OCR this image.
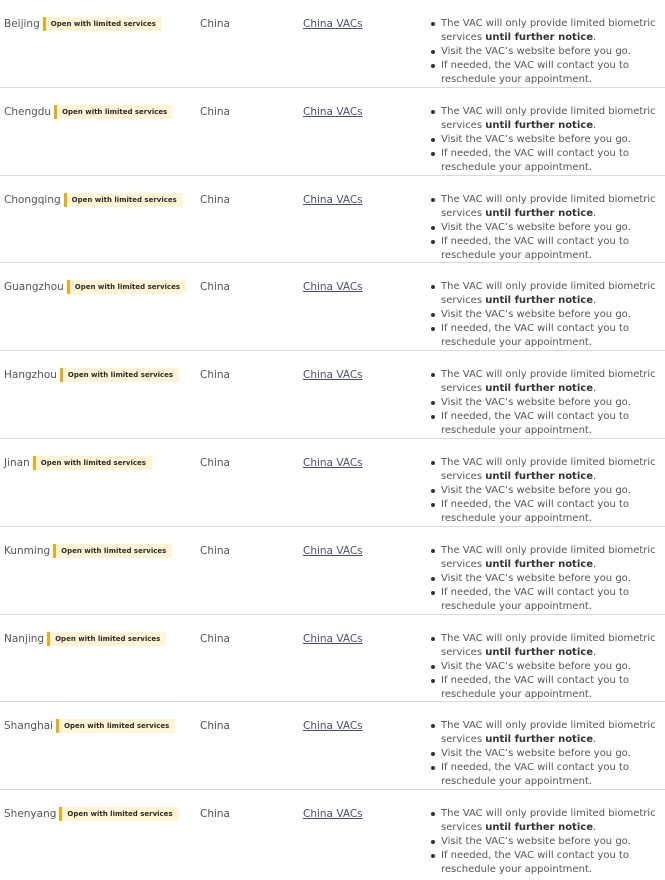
Beijing	Open with limited services	China	China VACs	The VAC will only provide limited biometric
services until further notice.
Visit the VAC’s website before you go.
If needed, the VAC will contact you to
reschedule your appointment.
Chengdu	Open with limited services	China	China VACs	The VAC will only provide limited biometric
services until further notice.
Visit the VAC’s website before you go.
If needed, the VAC will contact you to
reschedule your appointment.
Chongqing	Open with limited services	China	China VACs	The VAC will only provide limited biometric
services until further notice.
Visit the VAC’s website before you go.
If needed, the VAC will contact you to
reschedule your appointment.
Guangzhou	Open with limited services	China	China VACs	The VAC will only provide limited biometric
services until further notice.
Visit the VAC’s website before you go.
If needed, the VAC will contact you to
reschedule your appointment.
Hangzhou	Open with limited services	China	China VACs	The VAC will only provide limited biometric
services until further notice.
Visit the VAC’s website before you go.
If needed, the VAC will contact you to
reschedule your appointment.
Jinan	Open with limited services	China	China VACs	The VAC will only provide limited biometric
services until further notice.
Visit the VAC’s website before you go.
If needed, the VAC will contact you to
reschedule your appointment.
Kunming	Open with limited services	China	China VACs	The VAC will only provide limited biometric
services until further notice.
Visit the VAC’s website before you go.
If needed, the VAC will contact you to
reschedule your appointment.
Nanjing	Open with limited services	China	China VACs	The VAC will only provide limited biometric
services until further notice.
Visit the VAC’s website before you go.
If needed, the VAC will contact you to
reschedule your appointment.
Shanghai	Open with limited services	China	China VACs	The VAC will only provide limited biometric
services until further notice.
Visit the VAC’s website before you go.
If needed, the VAC will contact you to
reschedule your appointment.
Shenyang	Open with limited services	China	China VACs	The VAC will only provide limited biometric
services until further notice.
Visit the VAC’s website before you go.
If needed, the VAC will contact you to
reschedule your appointment.
